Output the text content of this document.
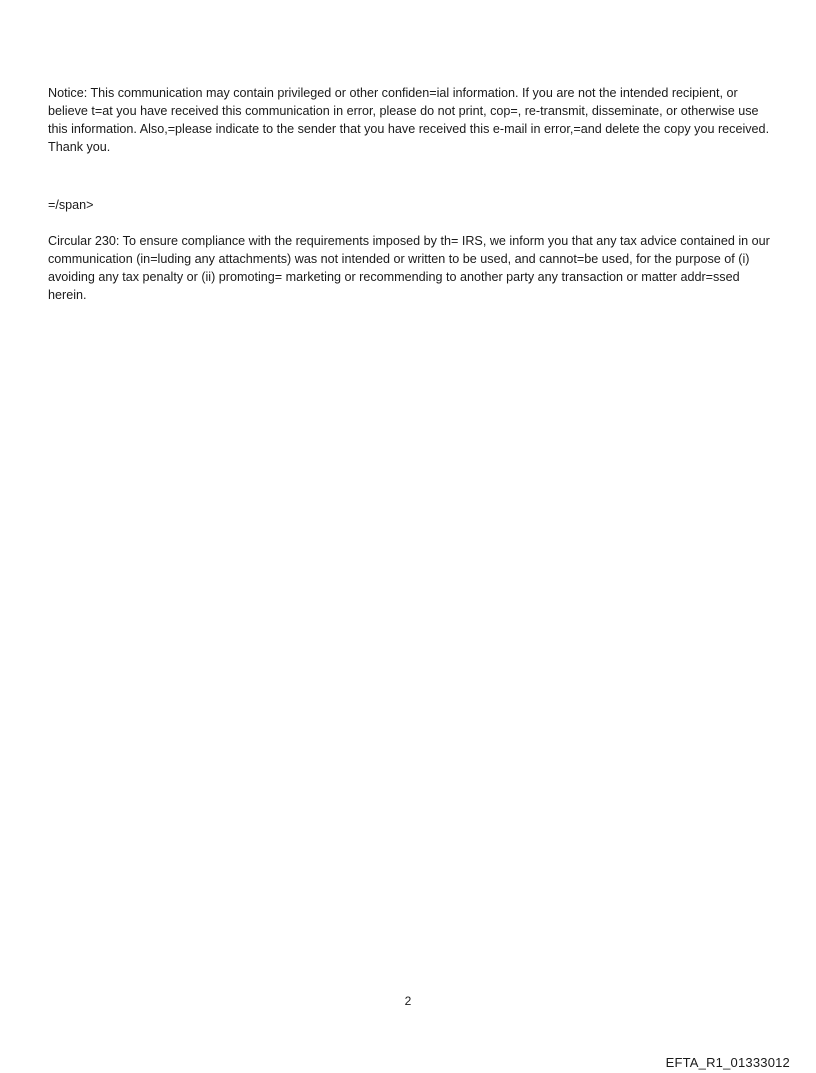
Notice: This communication may contain privileged or other confiden=ial information. If you are not the intended recipient, or believe t=at you have received this communication in error, please do not print, cop=, re-transmit, disseminate, or otherwise use this information. Also,=please indicate to the sender that you have received this e-mail in error,=and delete the copy you received. Thank you.

=/span>

Circular 230: To ensure compliance with the requirements imposed by th= IRS, we inform you that any tax advice contained in our communication (in=luding any attachments) was not intended or written to be used, and cannot=be used, for the purpose of (i) avoiding any tax penalty or (ii) promoting= marketing or recommending to another party any transaction or matter addr=ssed herein.

2
EFTA_R1_01333012
